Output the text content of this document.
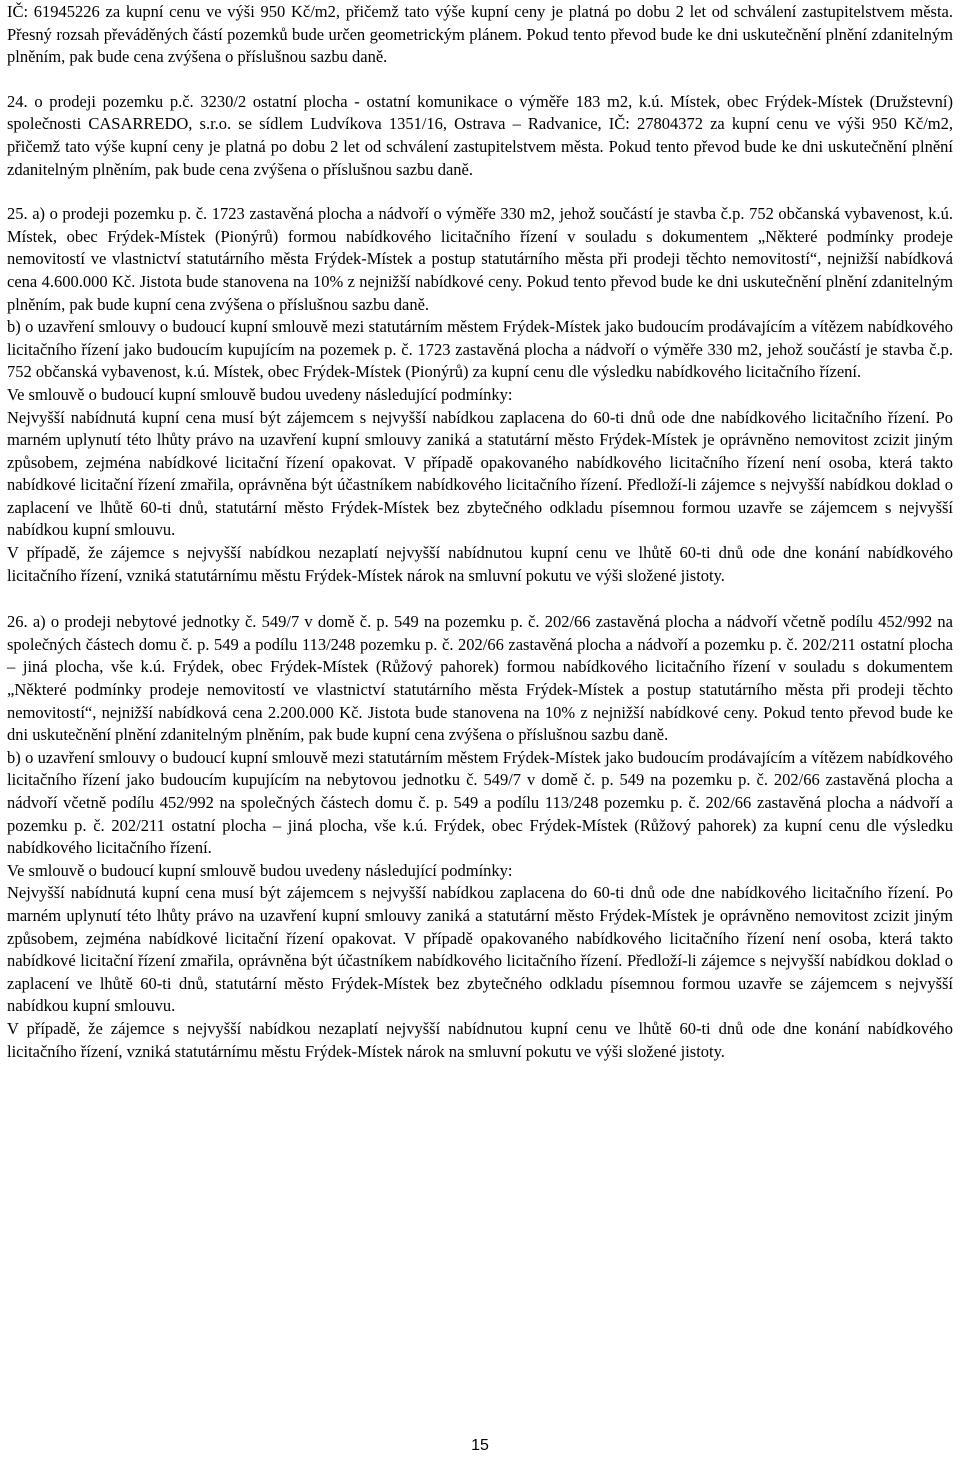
IČ: 61945226 za kupní cenu ve výši 950 Kč/m2, přičemž tato výše kupní ceny je platná po dobu 2 let od schválení zastupitelstvem města. Přesný rozsah převáděných částí pozemků bude určen geometrickým plánem. Pokud tento převod bude ke dni uskutečnění plnění zdanitelným plněním, pak bude cena zvýšena o příslušnou sazbu daně.

24. o prodeji pozemku p.č. 3230/2 ostatní plocha - ostatní komunikace o výměře 183 m2, k.ú. Místek, obec Frýdek-Místek (Družstevní) společnosti CASARREDO, s.r.o. se sídlem Ludvíkova 1351/16, Ostrava – Radvanice, IČ: 27804372 za kupní cenu ve výši 950 Kč/m2, přičemž tato výše kupní ceny je platná po dobu 2 let od schválení zastupitelstvem města. Pokud tento převod bude ke dni uskutečnění plnění zdanitelným plněním, pak bude cena zvýšena o příslušnou sazbu daně.

25. a) o prodeji pozemku p. č. 1723 zastavěná plocha a nádvoří o výměře 330 m2, jehož součástí je stavba č.p. 752 občanská vybavenost, k.ú. Místek, obec Frýdek-Místek (Pionýrů) formou nabídkového licitačního řízení v souladu s dokumentem „Některé podmínky prodeje nemovitostí ve vlastnictví statutárního města Frýdek-Místek a postup statutárního města při prodeji těchto nemovitostí“, nejnižší nabídková cena 4.600.000 Kč. Jistota bude stanovena na 10% z nejnižší nabídkové ceny. Pokud tento převod bude ke dni uskutečnění plnění zdanitelným plněním, pak bude kupní cena zvýšena o příslušnou sazbu daně.

b) o uzavření smlouvy o budoucí kupní smlouvě mezi statutárním městem Frýdek-Místek jako budoucím prodávajícím a vítězem nabídkového licitačního řízení jako budoucím kupujícím na pozemek p. č. 1723 zastavěná plocha a nádvoří o výměře 330 m2, jehož součástí je stavba č.p. 752 občanská vybavenost, k.ú. Místek, obec Frýdek-Místek (Pionýrů) za kupní cenu dle výsledku nabídkového licitačního řízení.

Ve smlouvě o budoucí kupní smlouvě budou uvedeny následující podmínky:

Nejvyšší nabídnutá kupní cena musí být zájemcem s nejvyšší nabídkou zaplacena do 60-ti dnů ode dne nabídkového licitačního řízení. Po marném uplynutí této lhůty právo na uzavření kupní smlouvy zaniká a statutární město Frýdek-Místek je oprávněno nemovitost zcizit jiným způsobem, zejména nabídkové licitační řízení opakovat. V případě opakovaného nabídkového licitačního řízení není osoba, která takto nabídkové licitační řízení zmařila, oprávněna být účastníkem nabídkového licitačního řízení. Předloží-li zájemce s nejvyšší nabídkou doklad o zaplacení ve lhůtě 60-ti dnů, statutární město Frýdek-Místek bez zbytečného odkladu písemnou formou uzavře se zájemcem s nejvyšší nabídkou kupní smlouvu.

V případě, že zájemce s nejvyšší nabídkou nezaplatí nejvyšší nabídnutou kupní cenu ve lhůtě 60-ti dnů ode dne konání nabídkového licitačního řízení, vzniká statutárnímu městu Frýdek-Místek nárok na smluvní pokutu ve výši složené jistoty.

26. a) o prodeji nebytové jednotky č. 549/7 v domě č. p. 549 na pozemku p. č. 202/66 zastavěná plocha a nádvoří včetně podílu 452/992 na společných částech domu č. p. 549 a podílu 113/248 pozemku p. č. 202/66 zastavěná plocha a nádvoří a pozemku p. č. 202/211 ostatní plocha – jiná plocha, vše k.ú. Frýdek, obec Frýdek-Místek (Růžový pahorek) formou nabídkového licitačního řízení v souladu s dokumentem „Některé podmínky prodeje nemovitostí ve vlastnictví statutárního města Frýdek-Místek a postup statutárního města při prodeji těchto nemovitostí“, nejnižší nabídková cena 2.200.000 Kč. Jistota bude stanovena na 10% z nejnižší nabídkové ceny. Pokud tento převod bude ke dni uskutečnění plnění zdanitelným plněním, pak bude kupní cena zvýšena o příslušnou sazbu daně.

b) o uzavření smlouvy o budoucí kupní smlouvě mezi statutárním městem Frýdek-Místek jako budoucím prodávajícím a vítězem nabídkového licitačního řízení jako budoucím kupujícím na nebytovou jednotku č. 549/7 v domě č. p. 549 na pozemku p. č. 202/66 zastavěná plocha a nádvoří včetně podílu 452/992 na společných částech domu č. p. 549 a podílu 113/248 pozemku p. č. 202/66 zastavěná plocha a nádvoří a pozemku p. č. 202/211 ostatní plocha – jiná plocha, vše k.ú. Frýdek, obec Frýdek-Místek (Růžový pahorek) za kupní cenu dle výsledku nabídkového licitačního řízení.

Ve smlouvě o budoucí kupní smlouvě budou uvedeny následující podmínky:

Nejvyšší nabídnutá kupní cena musí být zájemcem s nejvyšší nabídkou zaplacena do 60-ti dnů ode dne nabídkového licitačního řízení. Po marném uplynutí této lhůty právo na uzavření kupní smlouvy zaniká a statutární město Frýdek-Místek je oprávněno nemovitost zcizit jiným způsobem, zejména nabídkové licitační řízení opakovat. V případě opakovaného nabídkového licitačního řízení není osoba, která takto nabídkové licitační řízení zmařila, oprávněna být účastníkem nabídkového licitačního řízení. Předloží-li zájemce s nejvyšší nabídkou doklad o zaplacení ve lhůtě 60-ti dnů, statutární město Frýdek-Místek bez zbytečného odkladu písemnou formou uzavře se zájemcem s nejvyšší nabídkou kupní smlouvu.

V případě, že zájemce s nejvyšší nabídkou nezaplatí nejvyšší nabídnutou kupní cenu ve lhůtě 60-ti dnů ode dne konání nabídkového licitačního řízení, vzniká statutárnímu městu Frýdek-Místek nárok na smluvní pokutu ve výši složené jistoty.

15
